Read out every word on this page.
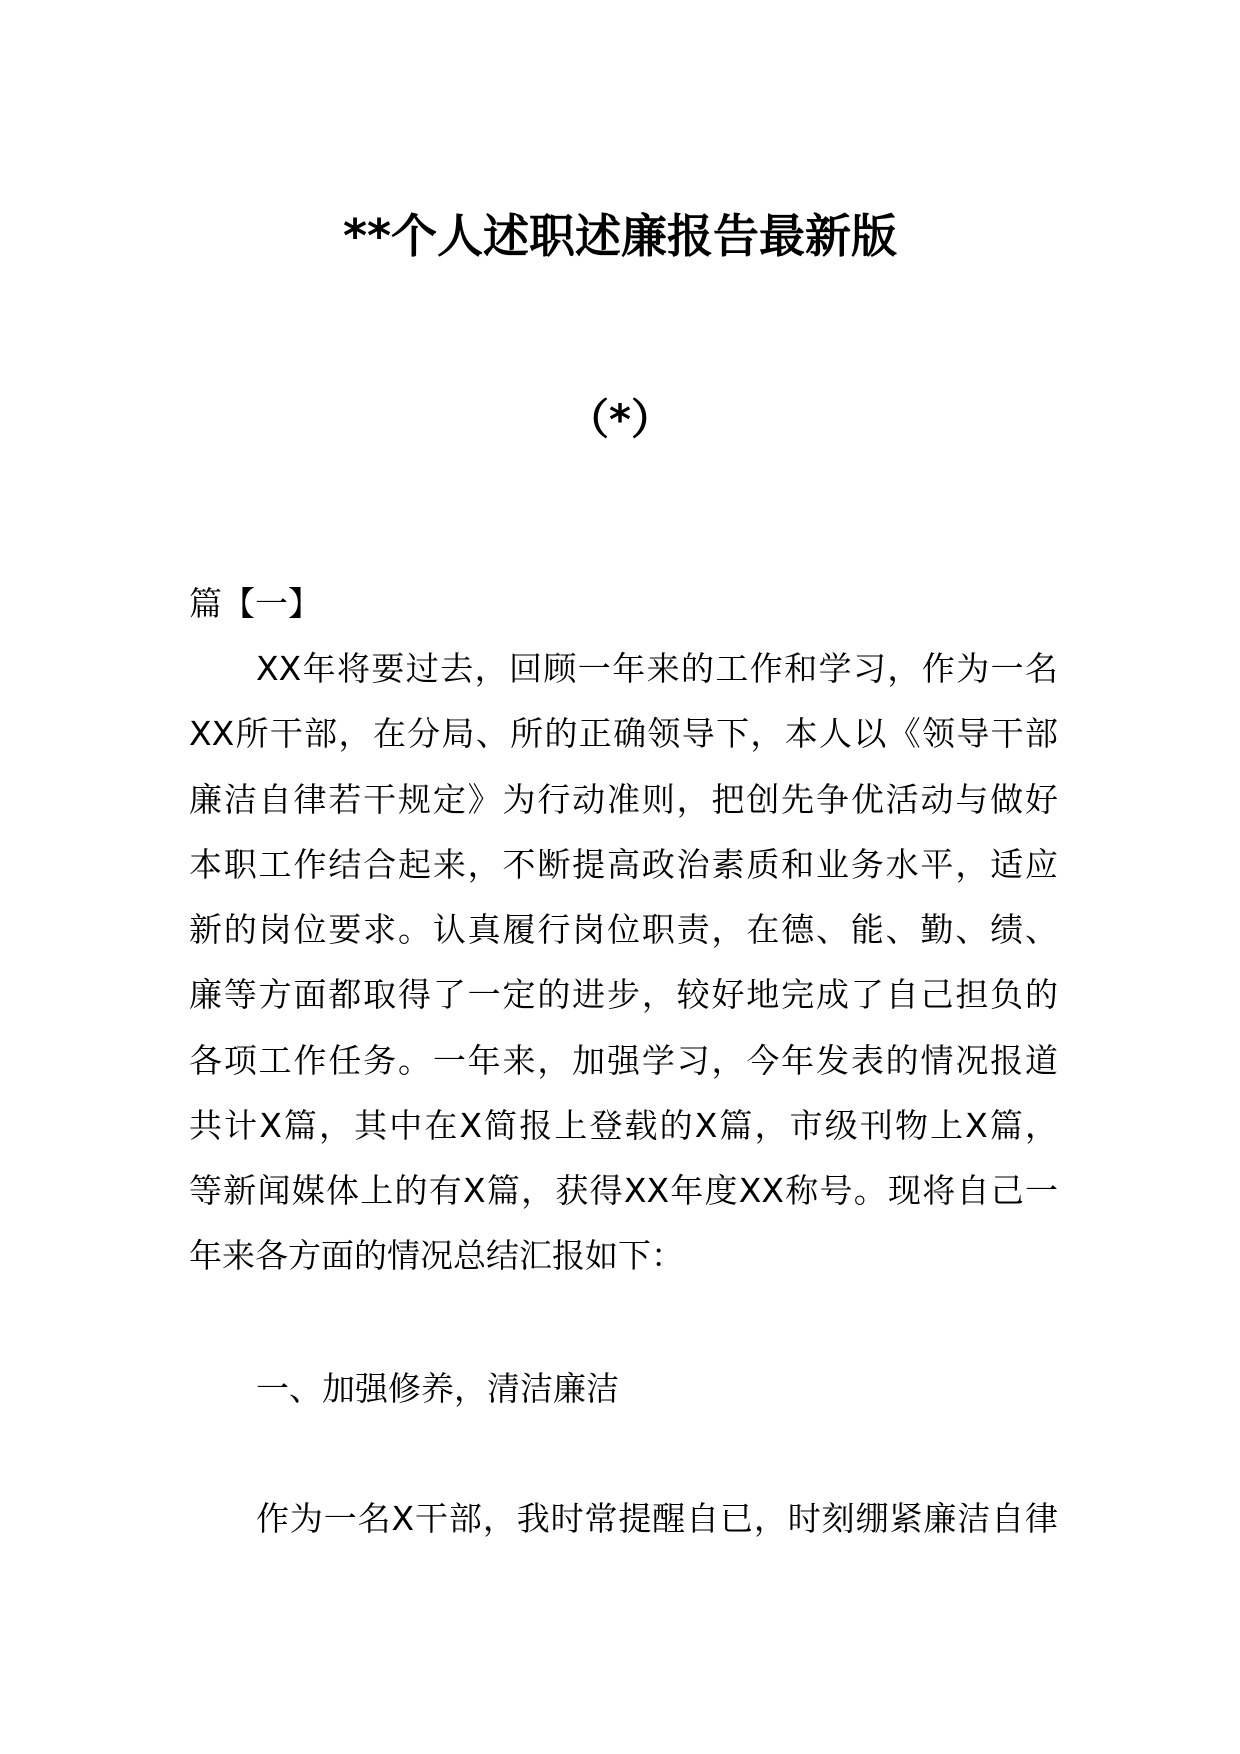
**个人述职述廉报告最新版
（*）
篇【一】
XX年将要过去，回顾一年来的工作和学习，作为一名
XX所干部，在分局、所的正确领导下，本人以《领导干部
廉洁自律若干规定》为行动准则，把创先争优活动与做好
本职工作结合起来，不断提高政治素质和业务水平，适应
新的岗位要求。认真履行岗位职责，在德、能、勤、绩、
廉等方面都取得了一定的进步，较好地完成了自己担负的
各项工作任务。一年来，加强学习，今年发表的情况报道
共计X篇，其中在X简报上登载的X篇，市级刊物上X篇，
等新闻媒体上的有X篇，获得XX年度XX称号。现将自己一
年来各方面的情况总结汇报如下：
一、加强修养，清洁廉洁
作为一名X干部，我时常提醒自已，时刻绷紧廉洁自律
